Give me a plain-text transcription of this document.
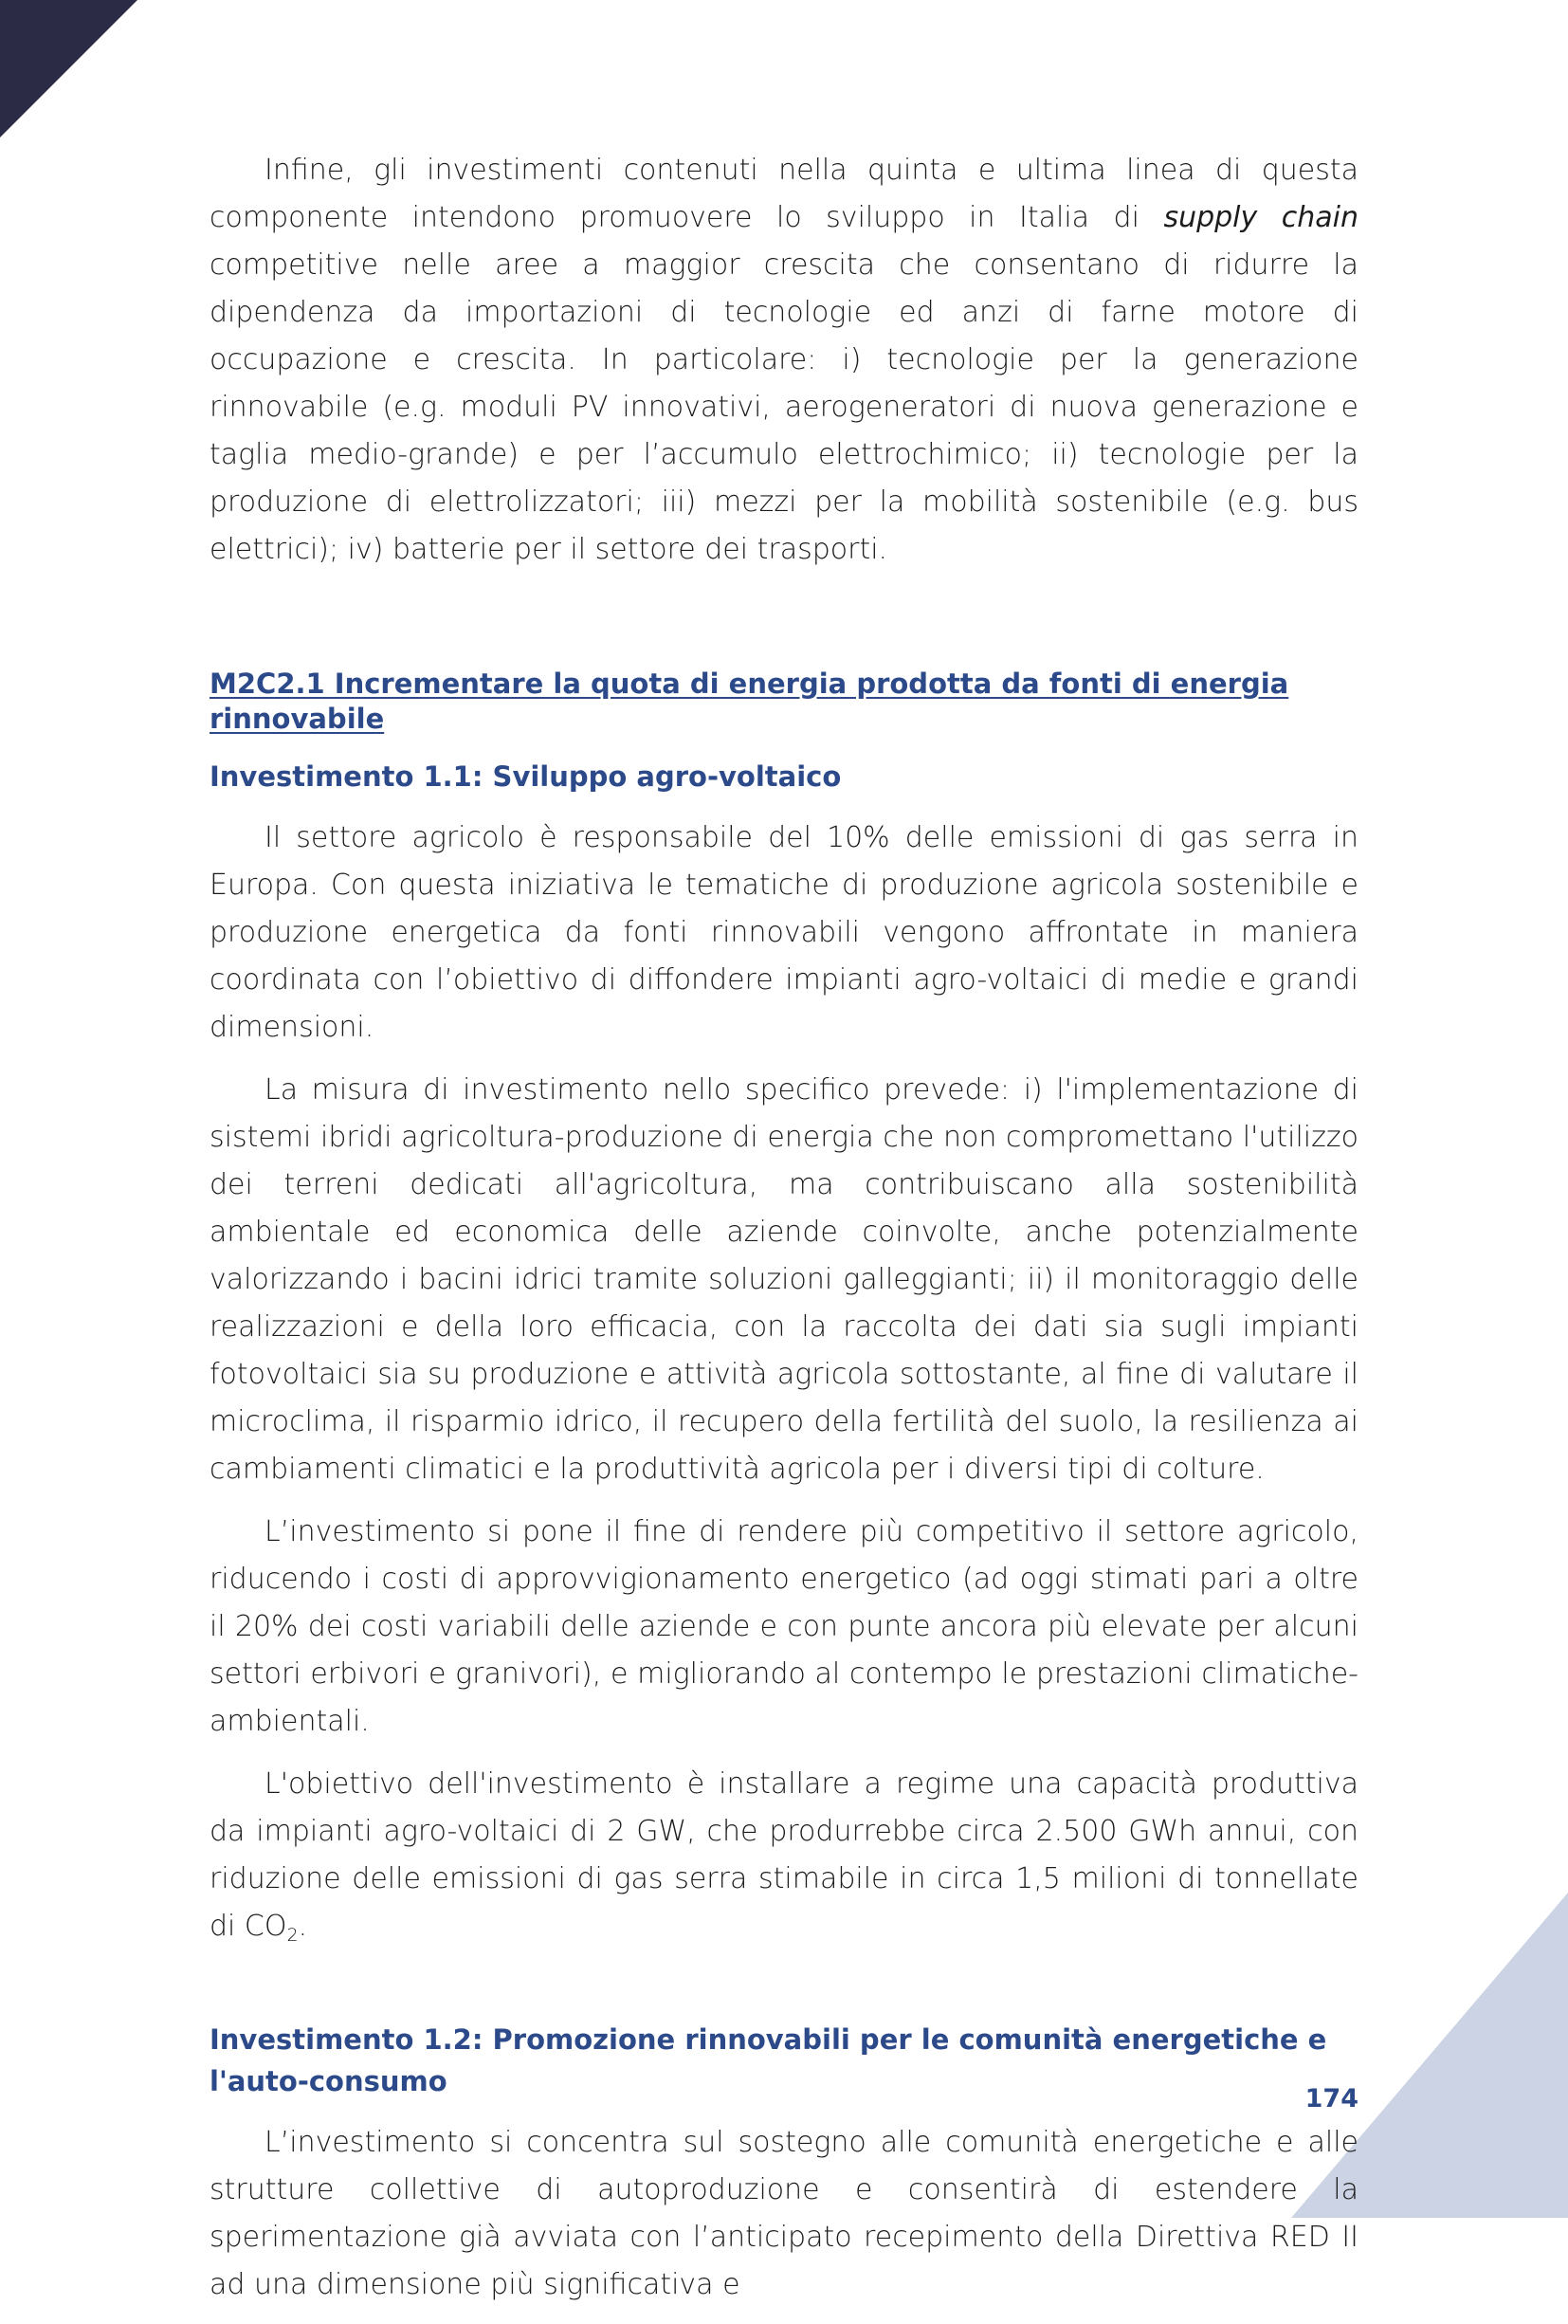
Infine, gli investimenti contenuti nella quinta e ultima linea di questa componente intendono promuovere lo sviluppo in Italia di supply chain competitive nelle aree a maggior crescita che consentano di ridurre la dipendenza da importazioni di tecnologie ed anzi di farne motore di occupazione e crescita. In particolare: i) tecnologie per la generazione rinnovabile (e.g. moduli PV innovativi, aerogeneratori di nuova generazione e taglia medio-grande) e per l’accumulo elettrochimico; ii) tecnologie per la produzione di elettrolizzatori; iii) mezzi per la mobilità sostenibile (e.g. bus elettrici); iv) batterie per il settore dei trasporti.

M2C2.1 Incrementare la quota di energia prodotta da fonti di energia rinnovabile
Investimento 1.1: Sviluppo agro-voltaico

Il settore agricolo è responsabile del 10% delle emissioni di gas serra in Europa. Con questa iniziativa le tematiche di produzione agricola sostenibile e produzione energetica da fonti rinnovabili vengono affrontate in maniera coordinata con l’obiettivo di diffondere impianti agro-voltaici di medie e grandi dimensioni.

La misura di investimento nello specifico prevede: i) l'implementazione di sistemi ibridi agricoltura-produzione di energia che non compromettano l'utilizzo dei terreni dedicati all'agricoltura, ma contribuiscano alla sostenibilità ambientale ed economica delle aziende coinvolte, anche potenzialmente valorizzando i bacini idrici tramite soluzioni galleggianti; ii) il monitoraggio delle realizzazioni e della loro efficacia, con la raccolta dei dati sia sugli impianti fotovoltaici sia su produzione e attività agricola sottostante, al fine di valutare il microclima, il risparmio idrico, il recupero della fertilità del suolo, la resilienza ai cambiamenti climatici e la produttività agricola per i diversi tipi di colture.

L’investimento si pone il fine di rendere più competitivo il settore agricolo, riducendo i costi di approvvigionamento energetico (ad oggi stimati pari a oltre il 20% dei costi variabili delle aziende e con punte ancora più elevate per alcuni settori erbivori e granivori), e migliorando al contempo le prestazioni climatiche-ambientali.

L'obiettivo dell'investimento è installare a regime una capacità produttiva da impianti agro-voltaici di 2 GW, che produrrebbe circa 2.500 GWh annui, con riduzione delle emissioni di gas serra stimabile in circa 1,5 milioni di tonnellate di $CO_2$.

Investimento 1.2: Promozione rinnovabili per le comunità energetiche e l'auto-consumo

L’investimento si concentra sul sostegno alle comunità energetiche e alle strutture collettive di autoproduzione e consentirà di estendere la sperimentazione già avviata con l’anticipato recepimento della Direttiva RED II ad una dimensione più significativa e

174
